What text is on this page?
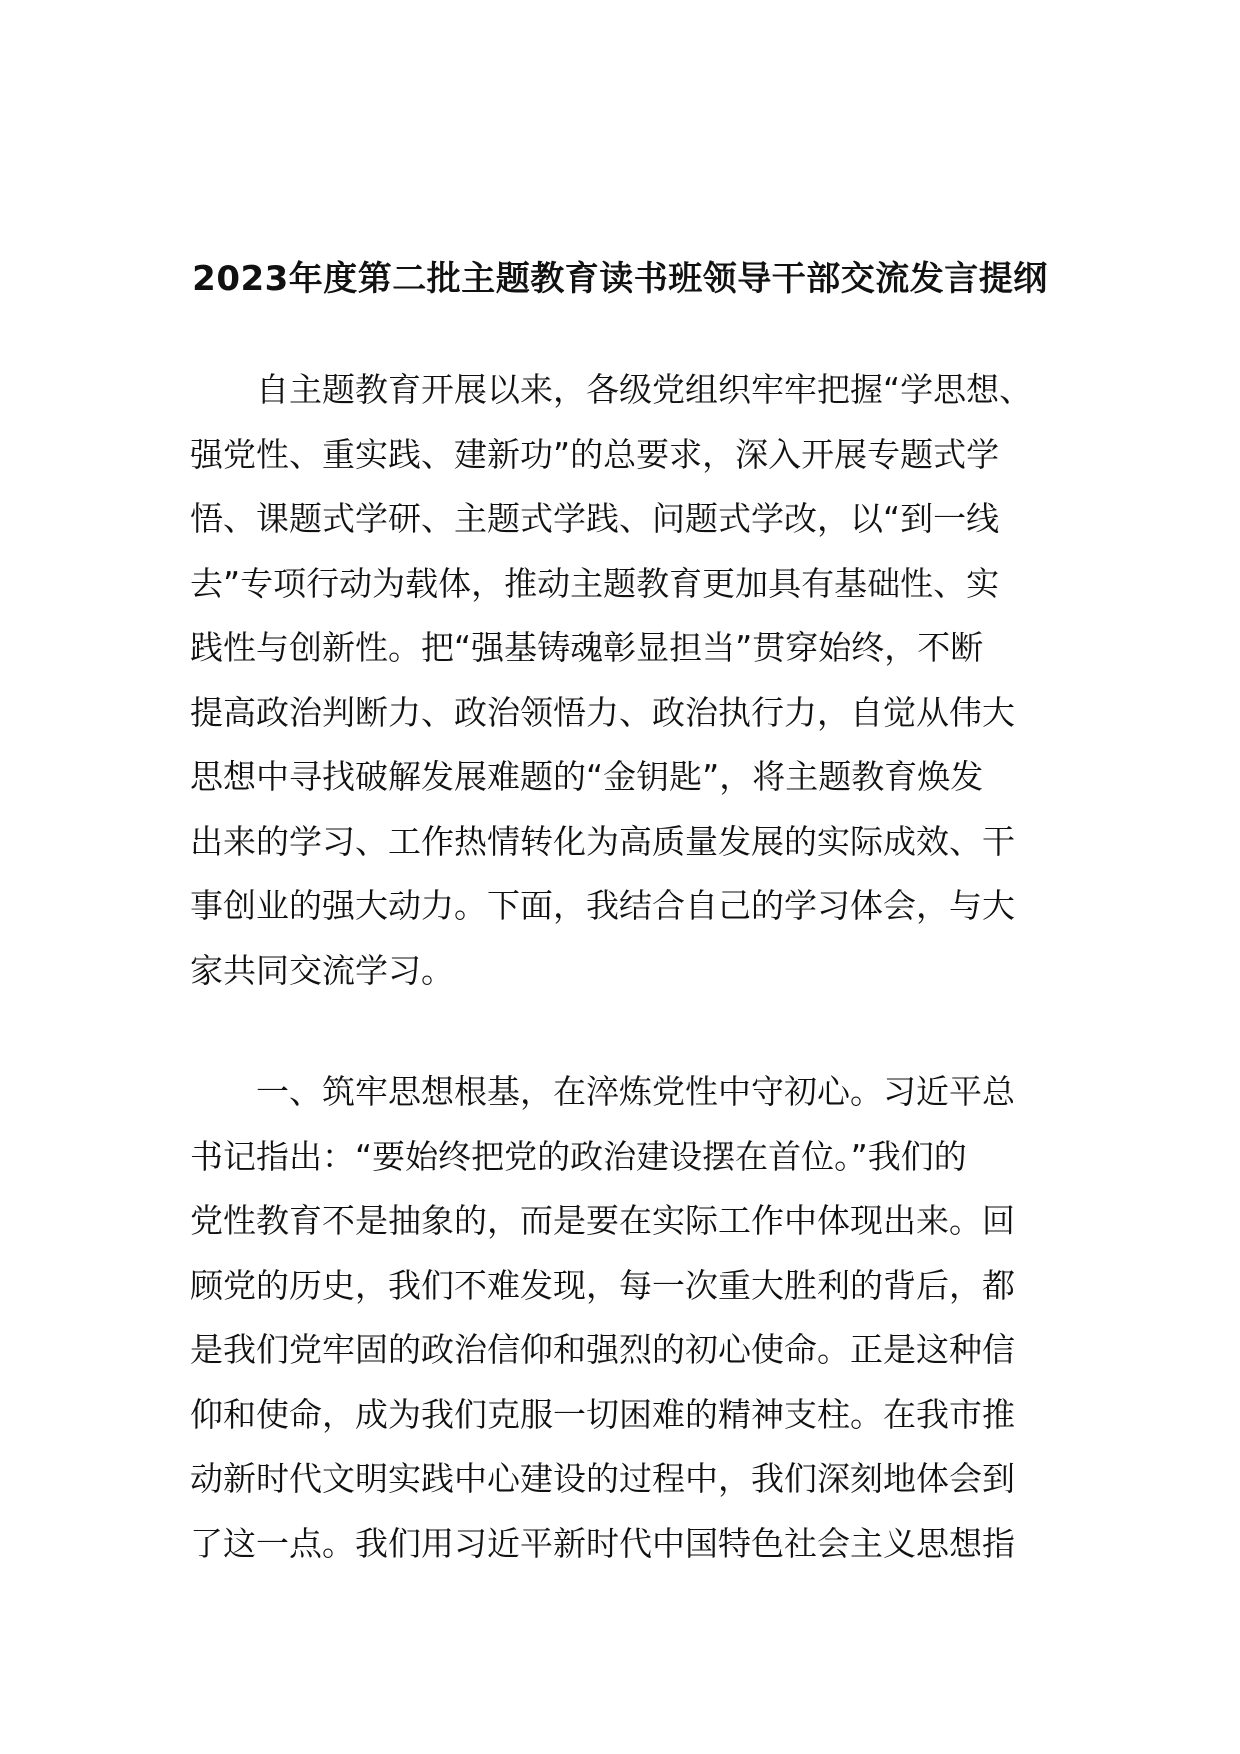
2023年度第二批主题教育读书班领导干部交流发言提纲
自主题教育开展以来，各级党组织牢牢把握“学思想、
强党性、重实践、建新功”的总要求，深入开展专题式学
悟、课题式学研、主题式学践、问题式学改，以“到一线
去”专项行动为载体，推动主题教育更加具有基础性、实
践性与创新性。把“强基铸魂彰显担当”贯穿始终，不断
提高政治判断力、政治领悟力、政治执行力，自觉从伟大
思想中寻找破解发展难题的“金钥匙”，将主题教育焕发
出来的学习、工作热情转化为高质量发展的实际成效、干
事创业的强大动力。下面，我结合自己的学习体会，与大
家共同交流学习。
一、筑牢思想根基，在淬炼党性中守初心。习近平总
书记指出：“要始终把党的政治建设摆在首位。”我们的
党性教育不是抽象的，而是要在实际工作中体现出来。回
顾党的历史，我们不难发现，每一次重大胜利的背后，都
是我们党牢固的政治信仰和强烈的初心使命。正是这种信
仰和使命，成为我们克服一切困难的精神支柱。在我市推
动新时代文明实践中心建设的过程中，我们深刻地体会到
了这一点。我们用习近平新时代中国特色社会主义思想指
